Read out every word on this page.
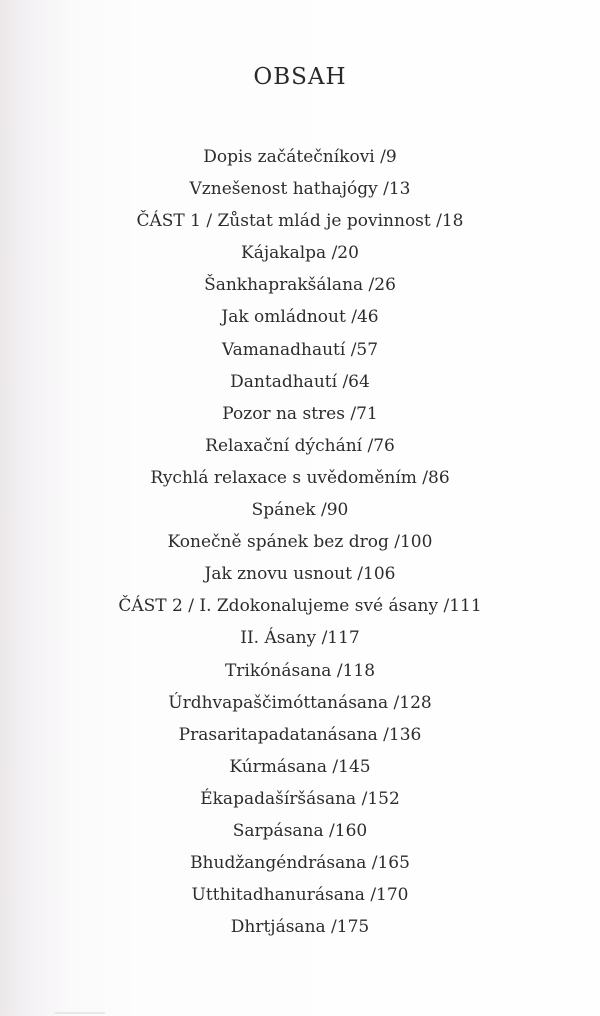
OBSAH
Dopis začátečníkovi /9
Vznešenost hathajógy /13
ČÁST 1 / Zůstat mlád je povinnost /18
Kájakalpa /20
Šankhaprakšálana /26
Jak omládnout /46
Vamanadhautí /57
Dantadhautí /64
Pozor na stres /71
Relaxační dýchání /76
Rychlá relaxace s uvědoměním /86
Spánek /90
Konečně spánek bez drog /100
Jak znovu usnout /106
ČÁST 2 / I. Zdokonalujeme své ásany /111
II. Ásany /117
Trikónásana /118
Úrdhvapaščimóttanásana /128
Prasaritapadatanásana /136
Kúrmásana /145
Ékapadašíršásana /152
Sarpásana /160
Bhudžangéndrásana /165
Utthitadhanurásana /170
Dhrtjásana /175
